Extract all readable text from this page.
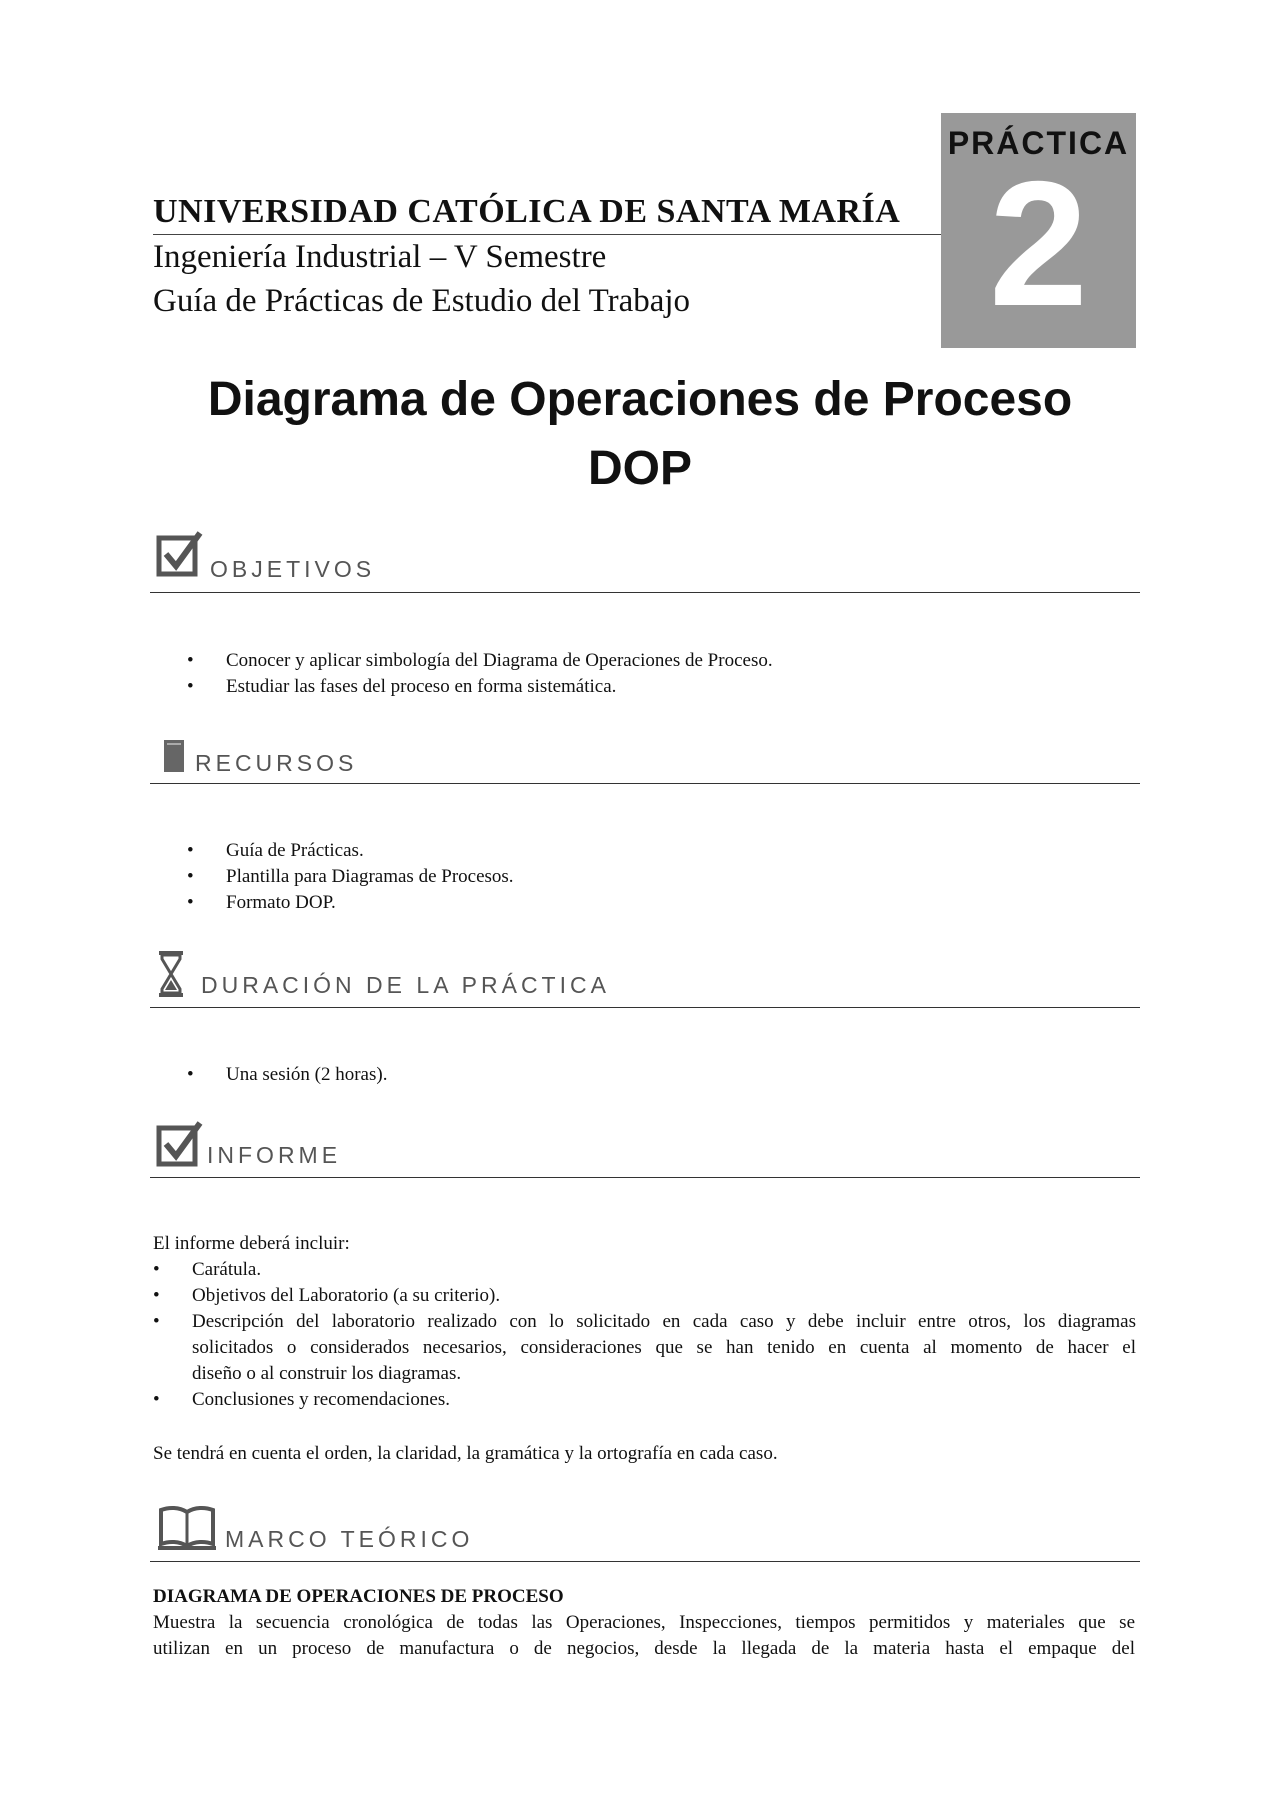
PRÁCTICA
2
UNIVERSIDAD CATÓLICA DE SANTA MARÍA
Ingeniería Industrial – V Semestre
Guía de Prácticas de Estudio del Trabajo
Diagrama de Operaciones de Proceso
DOP
OBJETIVOS
• Conocer y aplicar simbología del Diagrama de Operaciones de Proceso.
• Estudiar las fases del proceso en forma sistemática.
RECURSOS
• Guía de Prácticas.
• Plantilla para Diagramas de Procesos.
• Formato DOP.
DURACIÓN DE LA PRÁCTICA
• Una sesión (2 horas).
INFORME
El informe deberá incluir:
• Carátula.
• Objetivos del Laboratorio (a su criterio).
• Descripción del laboratorio realizado con lo solicitado en cada caso y debe incluir entre otros, los diagramas
solicitados o considerados necesarios, consideraciones que se han tenido en cuenta al momento de hacer el
diseño o al construir los diagramas.
• Conclusiones y recomendaciones.
Se tendrá en cuenta el orden, la claridad, la gramática y la ortografía en cada caso.
MARCO TEÓRICO
DIAGRAMA DE OPERACIONES DE PROCESO
Muestra la secuencia cronológica de todas las Operaciones, Inspecciones, tiempos permitidos y materiales que se
utilizan en un proceso de manufactura o de negocios, desde la llegada de la materia hasta el empaque del
